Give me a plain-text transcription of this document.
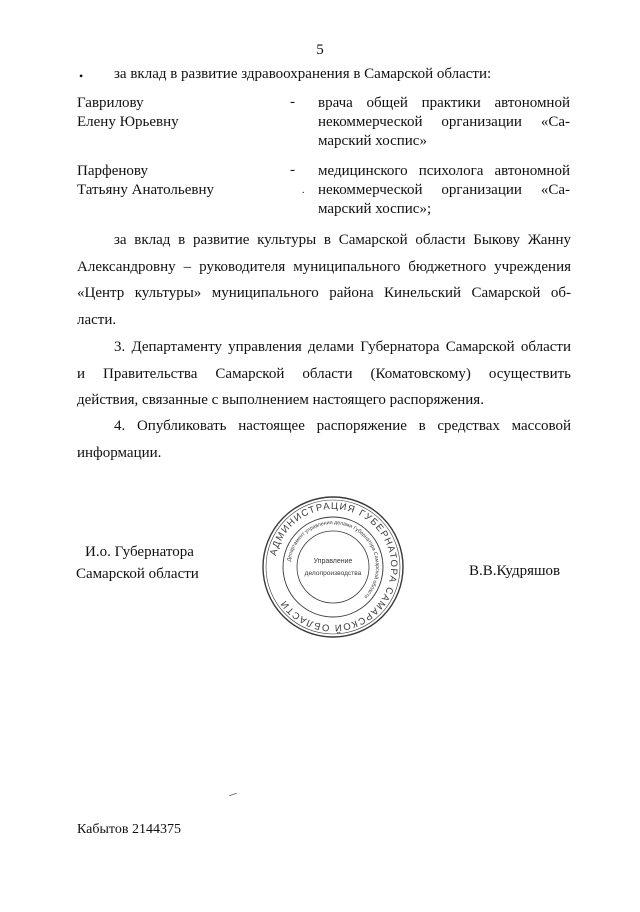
5
• за вклад в развитие здравоохранения в Самарской области:
Гаврилову
Елену Юрьевну
- врача общей практики автономной
некоммерческой организации «Са-
марский хоспис»
Парфенову
Татьяну Анатольевну
-
.
медицинского психолога автономной
некоммерческой организации «Са-
марский хоспис»;
за вклад в развитие культуры в Самарской области Быкову Жанну
Александровну – руководителя муниципального бюджетного учреждения
«Центр культуры» муниципального района Кинельский Самарской об-
ласти.
3. Департаменту управления делами Губернатора Самарской области
и Правительства Самарской области (Коматовскому) осуществить
действия, связанные с выполнением настоящего распоряжения.
4. Опубликовать настоящее распоряжение в средствах массовой
информации.
И.о. Губернатора
Самарской области
АДМИНИСТРАЦИЯ ГУБЕРНАТОРА САМАРСКОЙ ОБЛАСТИ
Департамент управления делами Губернатора Самарской области
Управление
делопроизводства	В.В.Кудряшов
Кабытов 2144375
